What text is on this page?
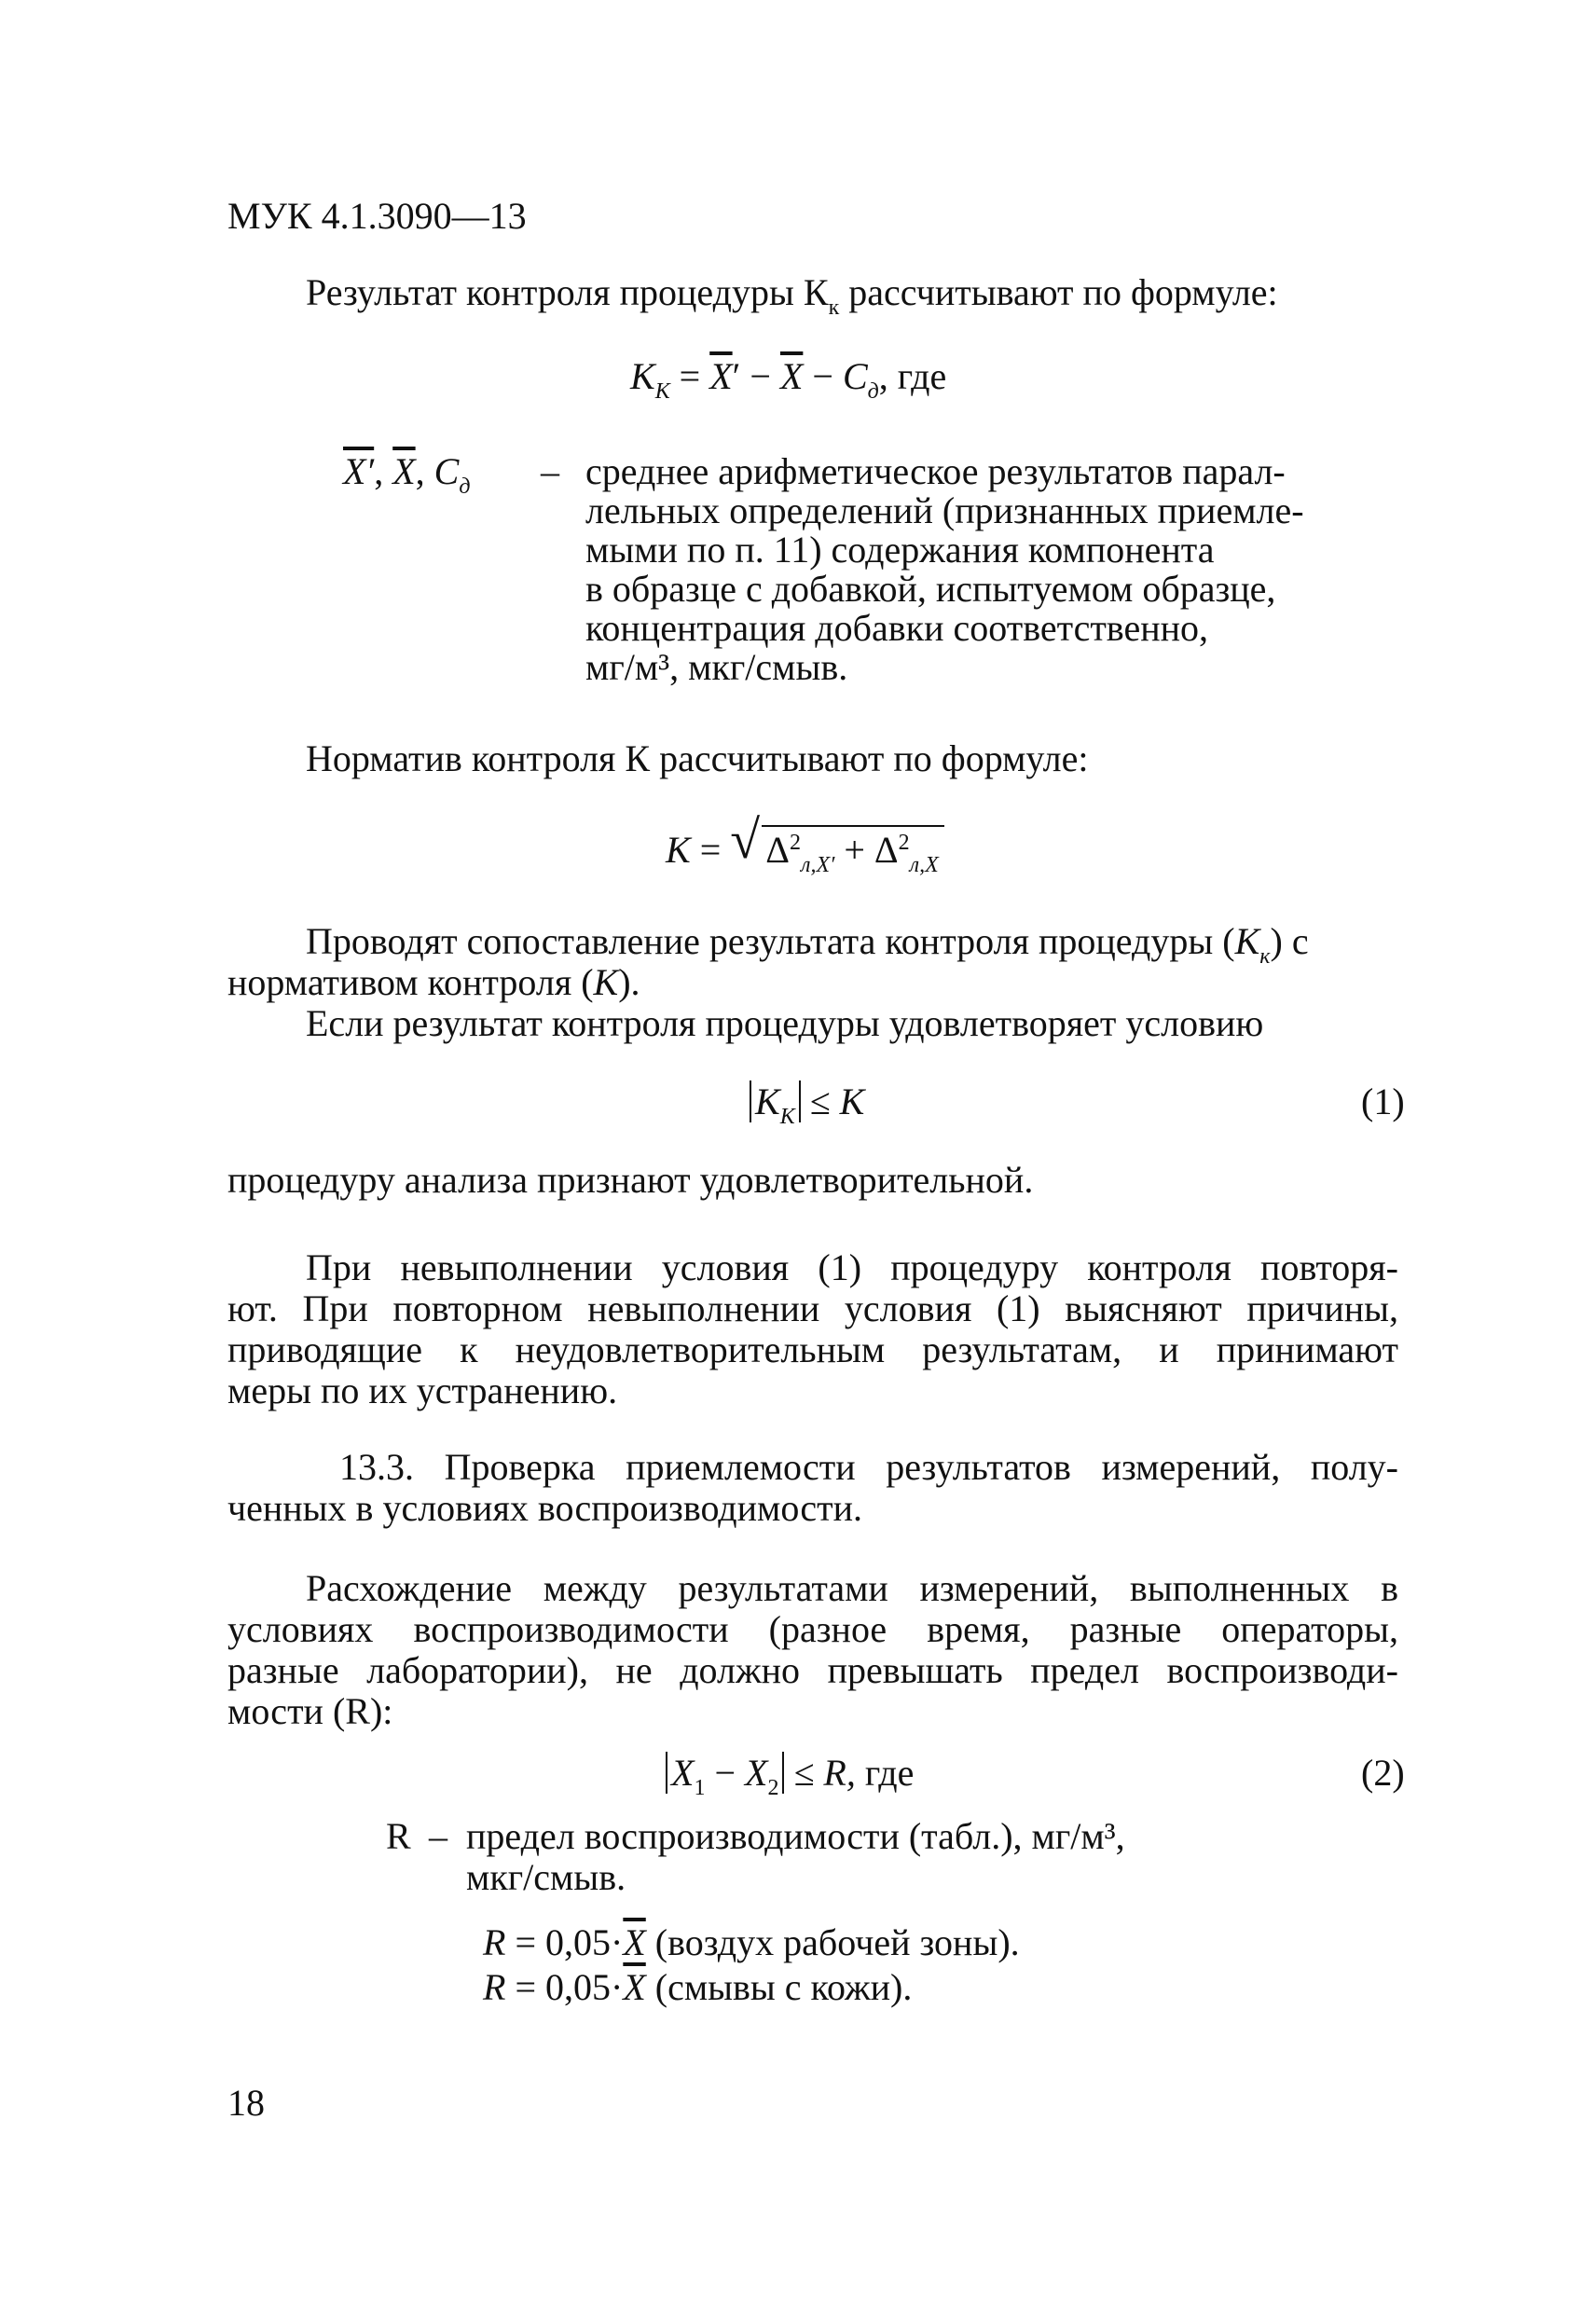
МУК 4.1.3090—13
Результат контроля процедуры $К_к$ рассчитывают по формуле:
$K_К = \overline{X}' - \overline{X} - C_д$, где
X′, $\overline{X}$, $C_д$ – среднее арифметическое результатов парал-
лельных определений (признанных приемле-
мыми по п. 11) содержания компонента
в образце с добавкой, испытуемом образце,
концентрация добавки соответственно,
мг/м³, мкг/смыв.
Норматив контроля К рассчитывают по формуле:
K = √ $\Delta^2_{л,X'} + \Delta^2_{л,X}$
Проводят сопоставление результата контроля процедуры $(K_к)$ с
нормативом контроля (K).
Если результат контроля процедуры удовлетворяет условию
$K_К \le K$	(1)
процедуру анализа признают удовлетворительной.
При невыполнении условия (1) процедуру контроля повторя-
ют. При повторном невыполнении условия (1) выясняют причины,
приводящие к неудовлетворительным результатам, и принимают
меры по их устранению.
13.3. Проверка приемлемости результатов измерений, полу-
ченных в условиях воспроизводимости.
Расхождение между результатами измерений, выполненных в
условиях воспроизводимости (разное время, разные операторы,
разные лаборатории), не должно превышать предел воспроизводи-
мости (R):
$X_1 - X_2 \le R$, где	(2)
R – предел воспроизводимости (табл.), мг/м³,
мкг/смыв.
$R = 0,05\cdot\overline{X}$ (воздух рабочей зоны).
$R = 0,05\cdot\overline{X}$ (смывы с кожи).
18
